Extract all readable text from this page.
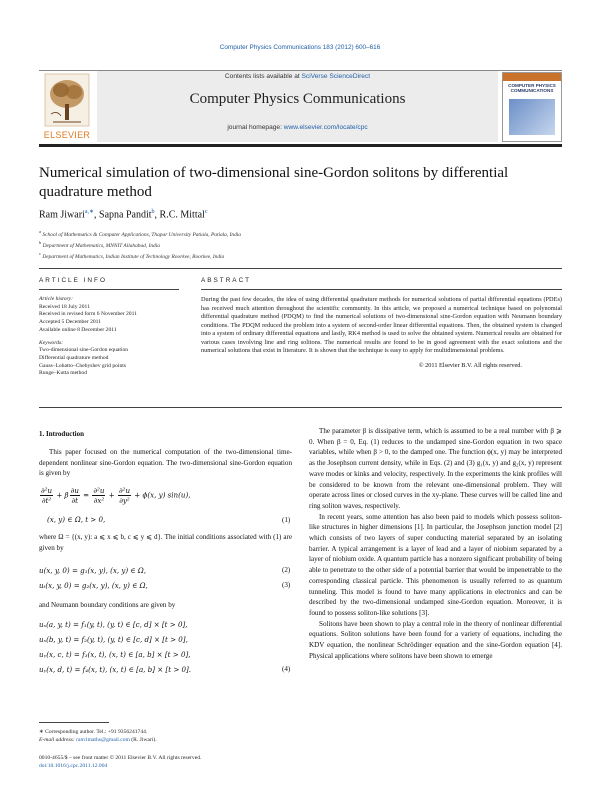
Computer Physics Communications 183 (2012) 600–616
ELSEVIER
Contents lists available at SciVerse ScienceDirect
Computer Physics Communications
journal homepage: www.elsevier.com/locate/cpc
COMPUTER PHYSICS COMMUNICATIONS
Numerical simulation of two-dimensional sine-Gordon solitons by differential quadrature method
Ram Jiwari$^{a,∗}$, Sapna Pandit$^b$, R.C. Mittal$^c$
$^a$ School of Mathematics & Computer Applications, Thapar University Patiala, Patiala, India
$^b$ Department of Mathematics, MNNIT Allahabad, India
$^c$ Department of Mathematics, Indian Institute of Technology Roorkee, Roorkee, India
ARTICLE INFO	ABSTRACT
Article history:
Received 18 July 2011
Received in revised form 6 November 2011
Accepted 5 December 2011
Available online 8 December 2011
Keywords:
Two-dimensional sine-Gordon equation
Differential quadrature method
Gauss–Lobatto–Chebyshev grid points
Runge–Kutta method
During the past few decades, the idea of using differential quadrature methods for numerical solutions of partial differential equations (PDEs) has received much attention throughout the scientific community. In this article, we proposed a numerical technique based on polynomial differential quadrature method (PDQM) to find the numerical solutions of two-dimensional sine-Gordon equation with Neumann boundary conditions. The PDQM reduced the problem into a system of second-order linear differential equations. Then, the obtained system is changed into a system of ordinary differential equations and lastly, RK4 method is used to solve the obtained system. Numerical results are obtained for various cases involving line and ring solitons. The numerical results are found to be in good agreement with the exact solutions and the numerical solutions that exist in literature. It is shown that the technique is easy to apply for multidimensional problems.
© 2011 Elsevier B.V. All rights reserved.
1. Introduction

This paper focused on the numerical computation of the two-dimensional time-dependent nonlinear sine-Gordon equation. The two-dimensional sine-Gordon equation is given by

$\frac{\text{∂²u}}{\text{∂t²}} + \beta \frac{\partial u}{\partial t} = \frac{\text{∂²u}}{\text{∂x²}} + \frac{\text{∂²u}}{\text{∂y²}} + \phi(x$, y) sin(u),
(x, y) ∈ Ω, t > 0,	(1)

where Ω = {(x, y): a ⩽ x ⩽ b, c ⩽ y ⩽ d}. The initial conditions associated with (1) are given by

u(x, y, 0) = g₁(x, y), (x, y) ∈ Ω,	(2)
uₜ(x, y, 0) = g₂(x, y), (x, y) ∈ Ω,	(3)

and Neumann boundary conditions are given by

uₓ(a, y, t) = f₁(y, t), (y, t) ∈ [c, d] × [t > 0],
uₓ(b, y, t) = f₂(y, t), (y, t) ∈ [c, d] × [t > 0],
uᵧ(x, c, t) = f₃(x, t), (x, t) ∈ [a, b] × [t > 0],
uᵧ(x, d, t) = f₄(x, t), (x, t) ∈ [a, b] × [t > 0].	(4)
∗ Corresponding author. Tel.: +91 9356241744.
E-mail address: ram1maths@gmail.com (R. Jiwari).
0010-4655/$ – see front matter © 2011 Elsevier B.V. All rights reserved.
doi:10.1016/j.cpc.2011.12.004

The parameter β is dissipative term, which is assumed to be a real number with β ⩾ 0. When β = 0, Eq. (1) reduces to the undamped sine-Gordon equation in two space variables, while when β > 0, to the damped one. The function ϕ(x, y) may be interpreted as the Josephson current density, while in Eqs. (2) and (3) g₁(x, y) and g₂(x, y) represent wave modes or kinks and velocity, respectively. In the experiments the kink profiles will be considered to be known from the relevant one-dimensional problem. They will operate across lines or closed curves in the xy-plane. These curves will be called line and ring soliton waves, respectively.

In recent years, some attention has also been paid to models which possess soliton-like structures in higher dimensions [1]. In particular, the Josephson junction model [2] which consists of two layers of super conducting material separated by an isolating barrier. A typical arrangement is a layer of lead and a layer of niobium separated by a layer of niobium oxide. A quantum particle has a nonzero significant probability of being able to penetrate to the other side of a potential barrier that would be impenetrable to the corresponding classical particle. This phenomenon is usually referred to as quantum tunneling. This model is found to have many applications in electronics and can be described by the two-dimensional undamped sine-Gordon equation. Moreover, it is found to possess soliton-like solutions [3].

Solitons have been shown to play a central role in the theory of nonlinear differential equations. Soliton solutions have been found for a variety of equations, including the KDV equation, the nonlinear Schrödinger equation and the sine-Gordon equation [4]. Physical applications where solitons have been shown to emerge
